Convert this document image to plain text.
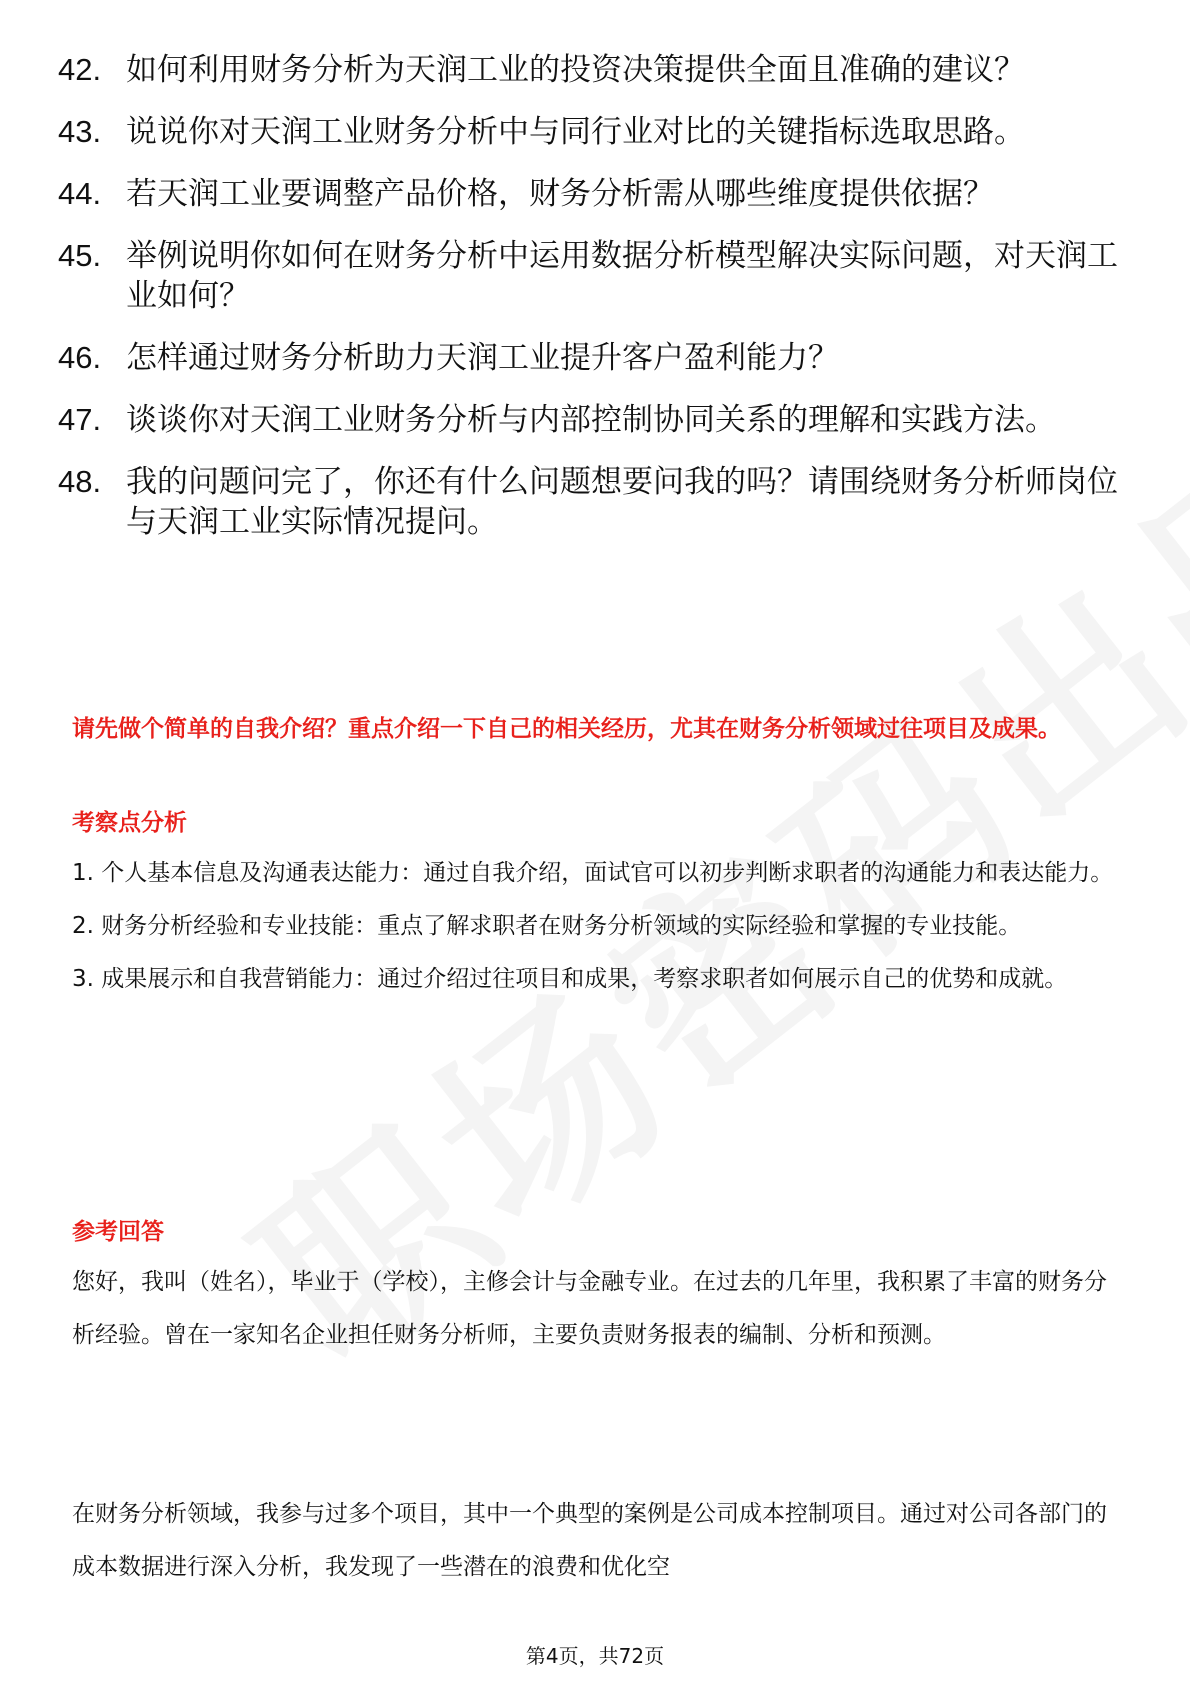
42. 如何利用财务分析为天润工业的投资决策提供全面且准确的建议？
43. 说说你对天润工业财务分析中与同行业对比的关键指标选取思路。
44. 若天润工业要调整产品价格，财务分析需从哪些维度提供依据？
45. 举例说明你如何在财务分析中运用数据分析模型解决实际问题，对天润工业如何？
46. 怎样通过财务分析助力天润工业提升客户盈利能力？
47. 谈谈你对天润工业财务分析与内部控制协同关系的理解和实践方法。
48. 我的问题问完了，你还有什么问题想要问我的吗？请围绕财务分析师岗位与天润工业实际情况提问。
请先做个简单的自我介绍？重点介绍一下自己的相关经历，尤其在财务分析领域过往项目及成果。
考察点分析
1. 个人基本信息及沟通表达能力：通过自我介绍，面试官可以初步判断求职者的沟通能力和表达能力。
2. 财务分析经验和专业技能：重点了解求职者在财务分析领域的实际经验和掌握的专业技能。
3. 成果展示和自我营销能力：通过介绍过往项目和成果，考察求职者如何展示自己的优势和成就。
参考回答
您好，我叫（姓名），毕业于（学校），主修会计与金融专业。在过去的几年里，我积累了丰富的财务分析经验。曾在一家知名企业担任财务分析师，主要负责财务报表的编制、分析和预测。
在财务分析领域，我参与过多个项目，其中一个典型的案例是公司成本控制项目。通过对公司各部门的成本数据进行深入分析，我发现了一些潜在的浪费和优化空
第4页，共72页
